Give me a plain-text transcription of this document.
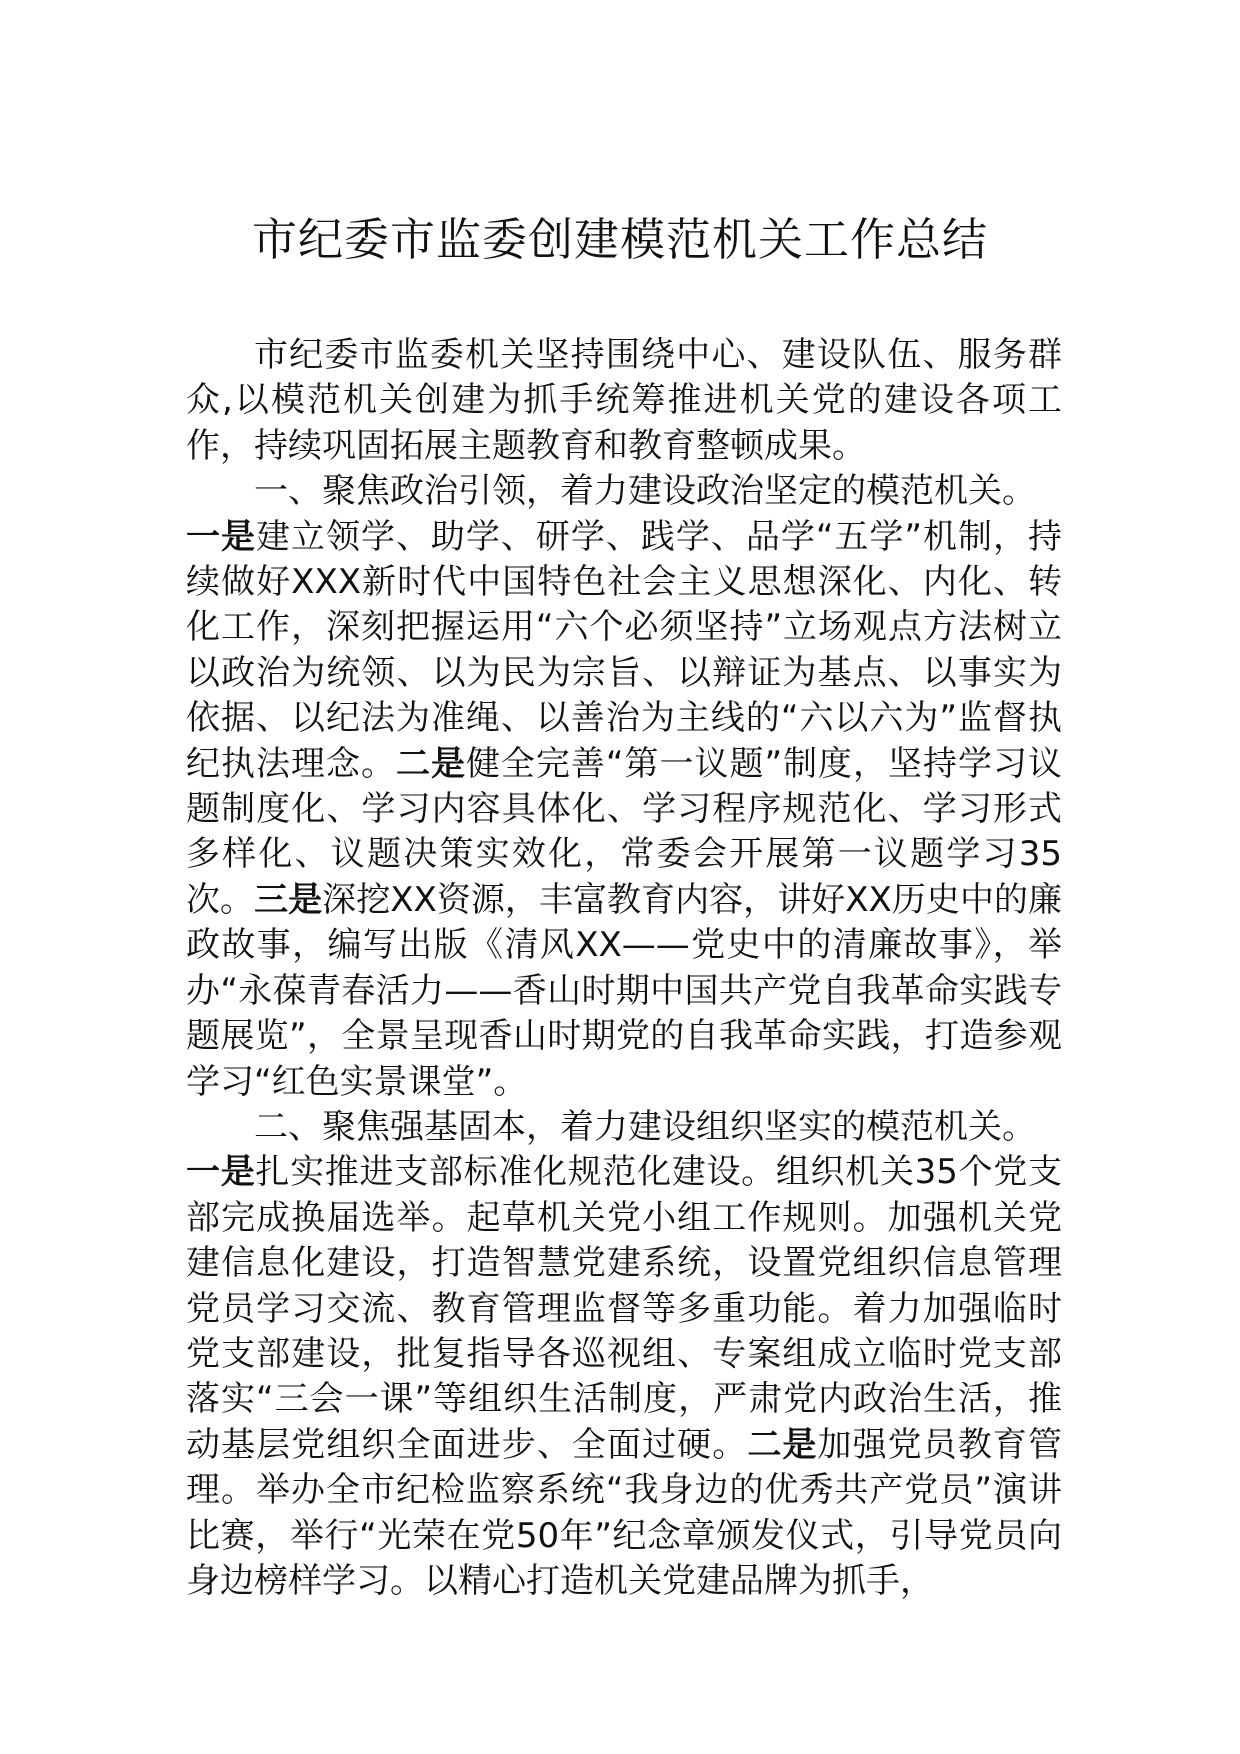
市纪委市监委创建模范机关工作总结

市纪委市监委机关坚持围绕中心、建设队伍、服务群众,以模范机关创建为抓手统筹推进机关党的建设各项工作，持续巩固拓展主题教育和教育整顿成果。

一、聚焦政治引领，着力建设政治坚定的模范机关。

一是建立领学、助学、研学、践学、品学“五学”机制，持续做好XXX新时代中国特色社会主义思想深化、内化、转化工作，深刻把握运用“六个必须坚持”立场观点方法树立以政治为统领、以为民为宗旨、以辩证为基点、以事实为依据、以纪法为准绳、以善治为主线的“六以六为”监督执纪执法理念。二是健全完善“第一议题”制度，坚持学习议题制度化、学习内容具体化、学习程序规范化、学习形式多样化、议题决策实效化，常委会开展第一议题学习35次。三是深挖XX资源，丰富教育内容，讲好XX历史中的廉政故事，编写出版《清风XX——党史中的清廉故事》，举办“永葆青春活力——香山时期中国共产党自我革命实践专题展览”，全景呈现香山时期党的自我革命实践，打造参观学习“红色实景课堂”。

二、聚焦强基固本，着力建设组织坚实的模范机关。

一是扎实推进支部标准化规范化建设。组织机关35个党支部完成换届选举。起草机关党小组工作规则。加强机关党建信息化建设，打造智慧党建系统，设置党组织信息管理党员学习交流、教育管理监督等多重功能。着力加强临时党支部建设，批复指导各巡视组、专案组成立临时党支部落实“三会一课”等组织生活制度，严肃党内政治生活，推动基层党组织全面进步、全面过硬。二是加强党员教育管理。举办全市纪检监察系统“我身边的优秀共产党员”演讲比赛，举行“光荣在党50年”纪念章颁发仪式，引导党员向身边榜样学习。以精心打造机关党建品牌为抓手，
